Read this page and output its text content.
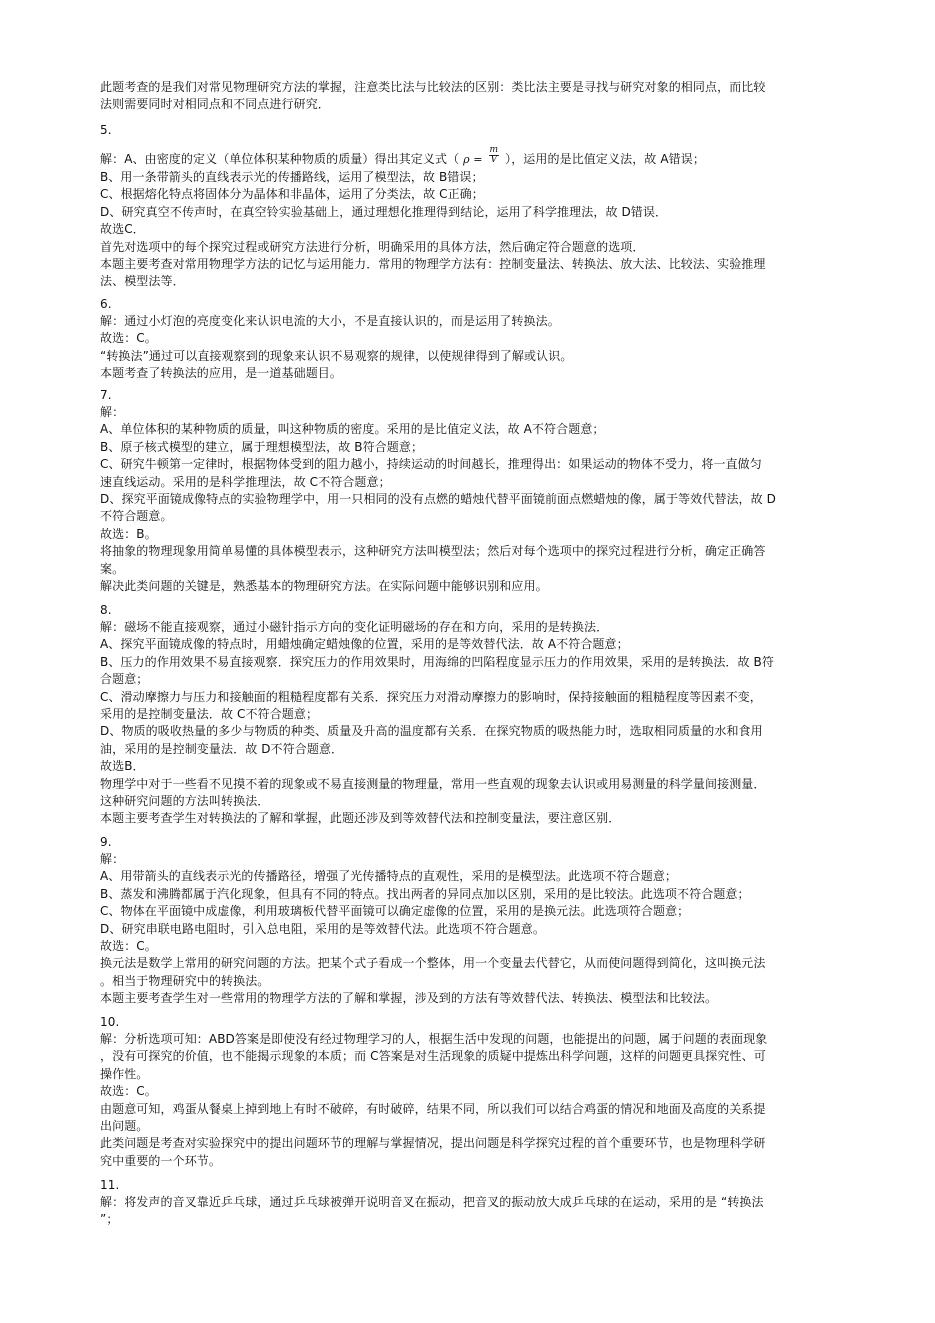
此题考查的是我们对常见物理研究方法的掌握，注意类比法与比较法的区别：类比法主要是寻找与研究对象的相同点，而比较
法则需要同时对相同点和不同点进行研究．
5.
解：A、由密度的定义（单位体积某种物质的质量）得出其定义式（ $\rho = \frac{m}{V}$ ），运用的是比值定义法，故 A错误；
B、用一条带箭头的直线表示光的传播路线，运用了模型法，故 B错误；
C、根据熔化特点将固体分为晶体和非晶体，运用了分类法，故 C正确；
D、研究真空不传声时，在真空铃实验基础上，通过理想化推理得到结论，运用了科学推理法，故 D错误．
故选C．
首先对选项中的每个探究过程或研究方法进行分析，明确采用的具体方法，然后确定符合题意的选项．
本题主要考查对常用物理学方法的记忆与运用能力．常用的物理学方法有：控制变量法、转换法、放大法、比较法、实验推理
法、模型法等．
6.
解：通过小灯泡的亮度变化来认识电流的大小，不是直接认识的，而是运用了转换法。
故选：C。
“转换法”通过可以直接观察到的现象来认识不易观察的规律，以使规律得到了解或认识。
本题考查了转换法的应用，是一道基础题目。
7.
解：
A、单位体积的某种物质的质量，叫这种物质的密度。采用的是比值定义法，故 A不符合题意；
B、原子核式模型的建立，属于理想模型法，故 B符合题意；
C、研究牛顿第一定律时，根据物体受到的阻力越小，持续运动的时间越长，推理得出：如果运动的物体不受力，将一直做匀
速直线运动。采用的是科学推理法，故 C不符合题意；
D、探究平面镜成像特点的实验物理学中，用一只相同的没有点燃的蜡烛代替平面镜前面点燃蜡烛的像，属于等效代替法，故 D
不符合题意。
故选：B。
将抽象的物理现象用简单易懂的具体模型表示，这种研究方法叫模型法；然后对每个选项中的探究过程进行分析，确定正确答
案。
解决此类问题的关键是，熟悉基本的物理研究方法。在实际问题中能够识别和应用。
8.
解：磁场不能直接观察，通过小磁针指示方向的变化证明磁场的存在和方向，采用的是转换法．
A、探究平面镜成像的特点时，用蜡烛确定蜡烛像的位置，采用的是等效替代法．故 A不符合题意；
B、压力的作用效果不易直接观察．探究压力的作用效果时，用海绵的凹陷程度显示压力的作用效果，采用的是转换法．故 B符
合题意；
C、滑动摩擦力与压力和接触面的粗糙程度都有关系．探究压力对滑动摩擦力的影响时，保持接触面的粗糙程度等因素不变，
采用的是控制变量法．故 C不符合题意；
D、物质的吸收热量的多少与物质的种类、质量及升高的温度都有关系．在探究物质的吸热能力时，选取相同质量的水和食用
油，采用的是控制变量法．故 D不符合题意．
故选B．
物理学中对于一些看不见摸不着的现象或不易直接测量的物理量，常用一些直观的现象去认识或用易测量的科学量间接测量．
这种研究问题的方法叫转换法．
本题主要考查学生对转换法的了解和掌握，此题还涉及到等效替代法和控制变量法，要注意区别．
9.
解：
A、用带箭头的直线表示光的传播路径，增强了光传播特点的直观性，采用的是模型法。此选项不符合题意；
B、蒸发和沸腾都属于汽化现象，但具有不同的特点。找出两者的异同点加以区别，采用的是比较法。此选项不符合题意；
C、物体在平面镜中成虚像，利用玻璃板代替平面镜可以确定虚像的位置，采用的是换元法。此选项符合题意；
D、研究串联电路电阻时，引入总电阻，采用的是等效替代法。此选项不符合题意。
故选：C。
换元法是数学上常用的研究问题的方法。把某个式子看成一个整体，用一个变量去代替它，从而使问题得到简化，这叫换元法
。相当于物理研究中的转换法。
本题主要考查学生对一些常用的物理学方法的了解和掌握，涉及到的方法有等效替代法、转换法、模型法和比较法。
10.
解：分析选项可知：ABD答案是即使没有经过物理学习的人，根据生活中发现的问题，也能提出的问题，属于问题的表面现象
，没有可探究的价值，也不能揭示现象的本质；而 C答案是对生活现象的质疑中提炼出科学问题，这样的问题更具探究性、可
操作性。
故选：C。
由题意可知，鸡蛋从餐桌上掉到地上有时不破碎，有时破碎，结果不同，所以我们可以结合鸡蛋的情况和地面及高度的关系提
出问题。
此类问题是考查对实验探究中的提出问题环节的理解与掌握情况，提出问题是科学探究过程的首个重要环节，也是物理科学研
究中重要的一个环节。
11.
解：将发声的音叉靠近乒乓球，通过乒乓球被弹开说明音叉在振动，把音叉的振动放大成乒乓球的在运动，采用的是 “转换法
”；
